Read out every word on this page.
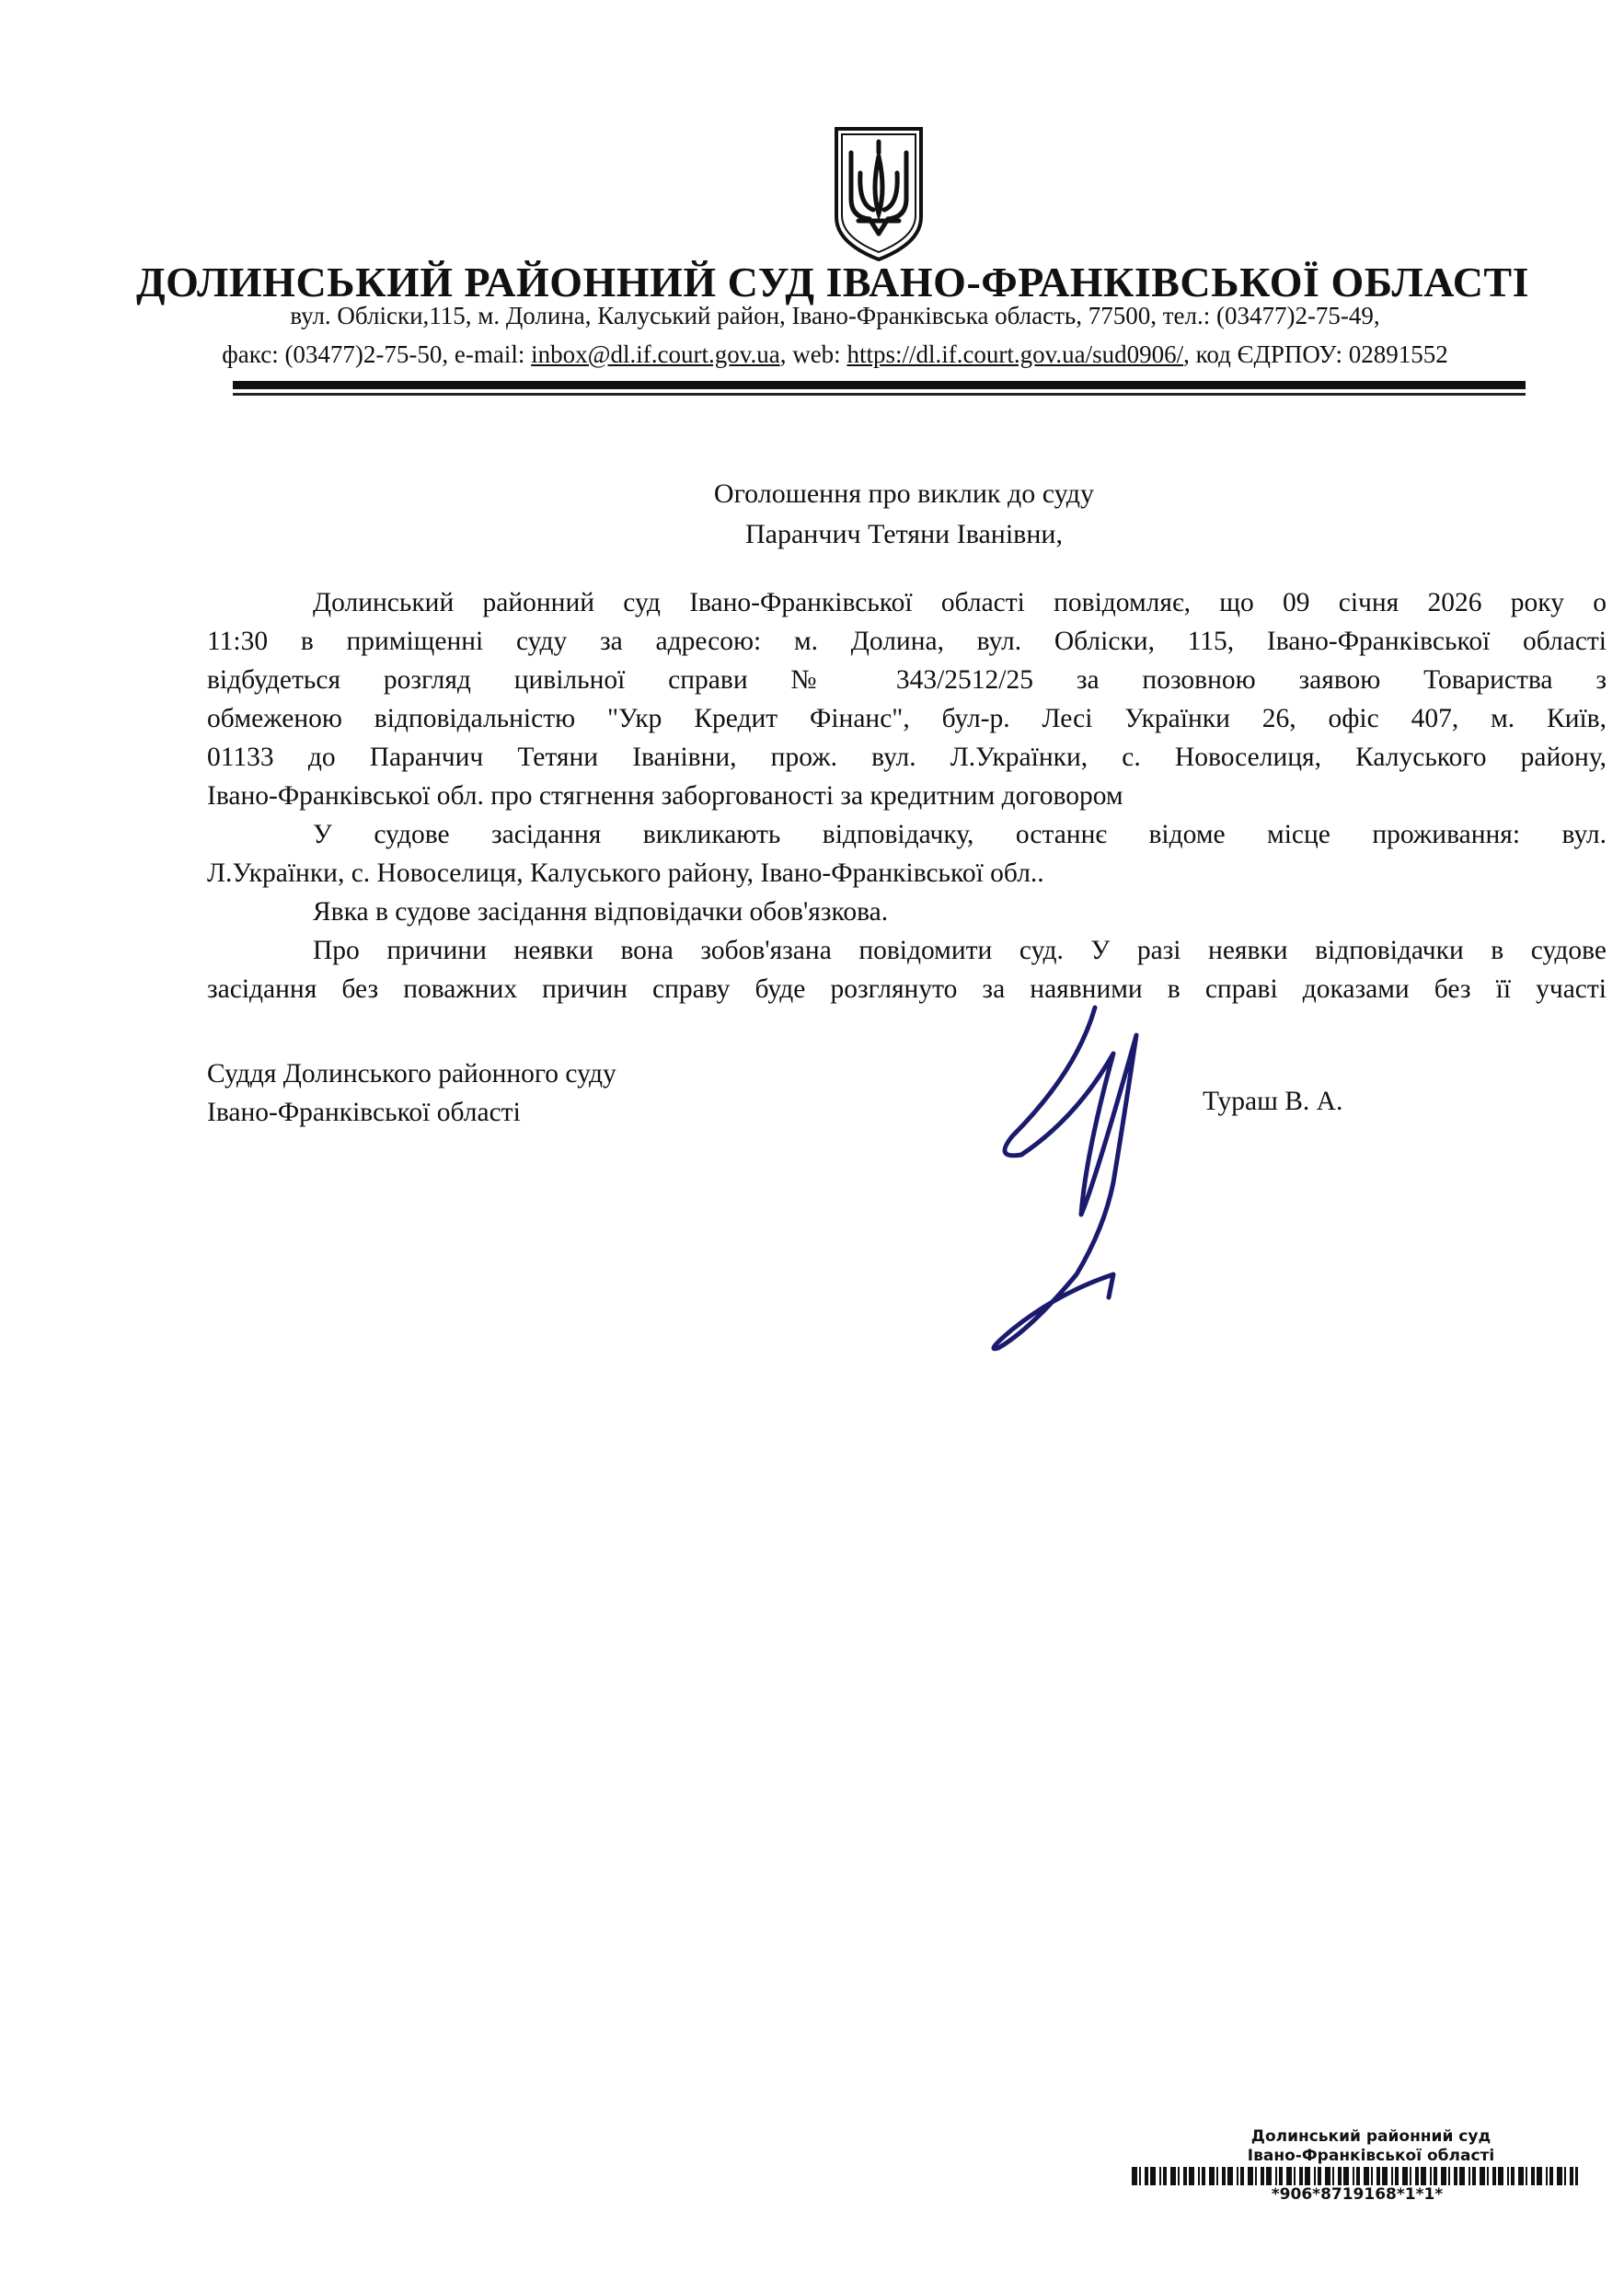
ДОЛИНСЬКИЙ РАЙОННИЙ СУД ІВАНО-ФРАНКІВСЬКОЇ ОБЛАСТІ
вул. Обліски,115, м. Долина, Калуський район, Івано-Франківська область, 77500, тел.: (03477)2-75-49,
факс: (03477)2-75-50, e-mail: inbox@dl.if.court.gov.ua, web: https://dl.if.court.gov.ua/sud0906/, код ЄДРПОУ: 02891552
Оголошення про виклик до суду
Паранчич Тетяни Іванівни,
Долинський районний суд Івано-Франківської області повідомляє, що 09 січня 2026 року о
11:30 в приміщенні суду за адресою: м. Долина, вул. Обліски, 115, Івано-Франківської області
відбудеться розгляд цивільної справи № 343/2512/25 за позовною заявою Товариства з
обмеженою відповідальністю "Укр Кредит Фінанс", бул-р. Лесі Українки 26, офіс 407, м. Київ,
01133 до Паранчич Тетяни Іванівни, прож. вул. Л.Українки, с. Новоселиця, Калуського району,
Івано-Франківської обл. про стягнення заборгованості за кредитним договором
У судове засідання викликають відповідачку, останнє відоме місце проживання: вул.
Л.Українки, с. Новоселиця, Калуського району, Івано-Франківської обл..
Явка в судове засідання відповідачки обов'язкова.
Про причини неявки вона зобов'язана повідомити суд. У разі неявки відповідачки в судове
засідання без поважних причин справу буде розглянуто за наявними в справі доказами без її участі
Суддя Долинського районного суду
Івано-Франківської області	Тураш В. А.
Долинський районний суд
Івано-Франківської області
*906*8719168*1*1*
